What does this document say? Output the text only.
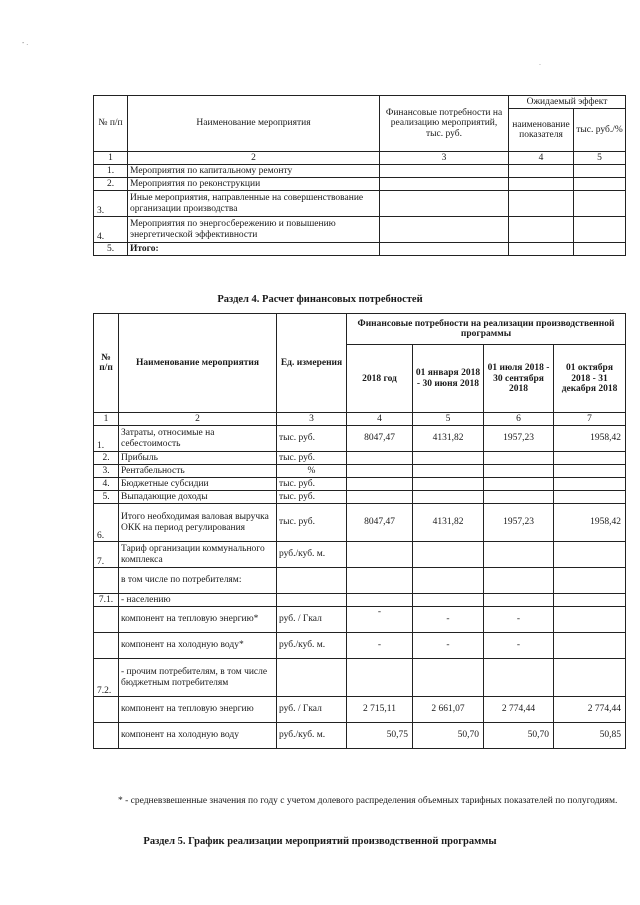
- .
.
№ п/п	Наименование мероприятия	Финансовые потребности на реализацию мероприятий, тыс. руб.	Ожидаемый эффект	
			наименование показателя	тыс. руб./%
1	2	3	4	5
1.	Мероприятия по капитальному ремонту			
2.	Мероприятия по реконструкции			
3.	Иные мероприятия, направленные на совершенствование организации производства			
4.	Мероприятия по энергосбережению и повышению энергетической эффективности			
5.	Итого:			
Раздел 4. Расчет финансовых потребностей
№ п/п	Наименование мероприятия	Ед. измерения	Финансовые потребности на реализации производственной программы			
			2018 год	01 января 2018 - 30 июня 2018	01 июля 2018 - 30 сентября 2018	01 октября 2018 - 31 декабря 2018
1	2	3	4	5	6	7
1.	Затраты, относимые на себестоимость	тыс. руб.	8047,47	4131,82	1957,23	1958,42
2.	Прибыль	тыс. руб.				
3.	Рентабельность	%				
4.	Бюджетные субсидии	тыс. руб.				
5.	Выпадающие доходы	тыс. руб.				
6.	Итого необходимая валовая выручка ОКК на период регулирования	тыс. руб.	8047,47	4131,82	1957,23	1958,42
7.	Тариф организации коммунального комплекса	руб./куб. м.				
	в том числе по потребителям:					
7.1.	- населению					
	компонент на тепловую энергию*	руб. / Гкал	-	-	-	
	компонент на холодную воду*	руб./куб. м.	-	-	-	
7.2.	- прочим потребителям, в том числе бюджетным потребителям					
	компонент на тепловую энергию	руб. / Гкал	2 715,11	2 661,07	2 774,44	2 774,44
	компонент на холодную воду	руб./куб. м.	50,75	50,70	50,70	50,85
* - средневзвешенные значения по году с учетом долевого распределения объемных тарифных показателей по полугодиям.
Раздел 5. График реализации мероприятий производственной программы
